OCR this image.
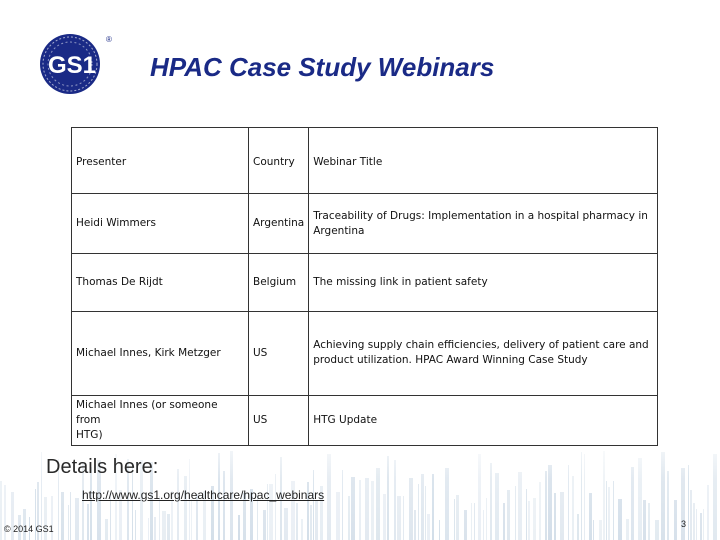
GS1
®
HPAC Case Study Webinars
Presenter	Country	Webinar Title
Heidi Wimmers	Argentina	Traceability of Drugs: Implementation in a hospital pharmacy in
Argentina

Thomas De Rijdt	Belgium	The missing link in patient safety

Michael Innes, Kirk Metzger	US	Achieving supply chain efficiencies, delivery of patient care and
product utilization. HPAC Award Winning Case Study

Michael Innes (or someone from
HTG)	US	HTG Update
Details here:
http://www.gs1.org/healthcare/hpac_webinars
© 2014 GS1	3
